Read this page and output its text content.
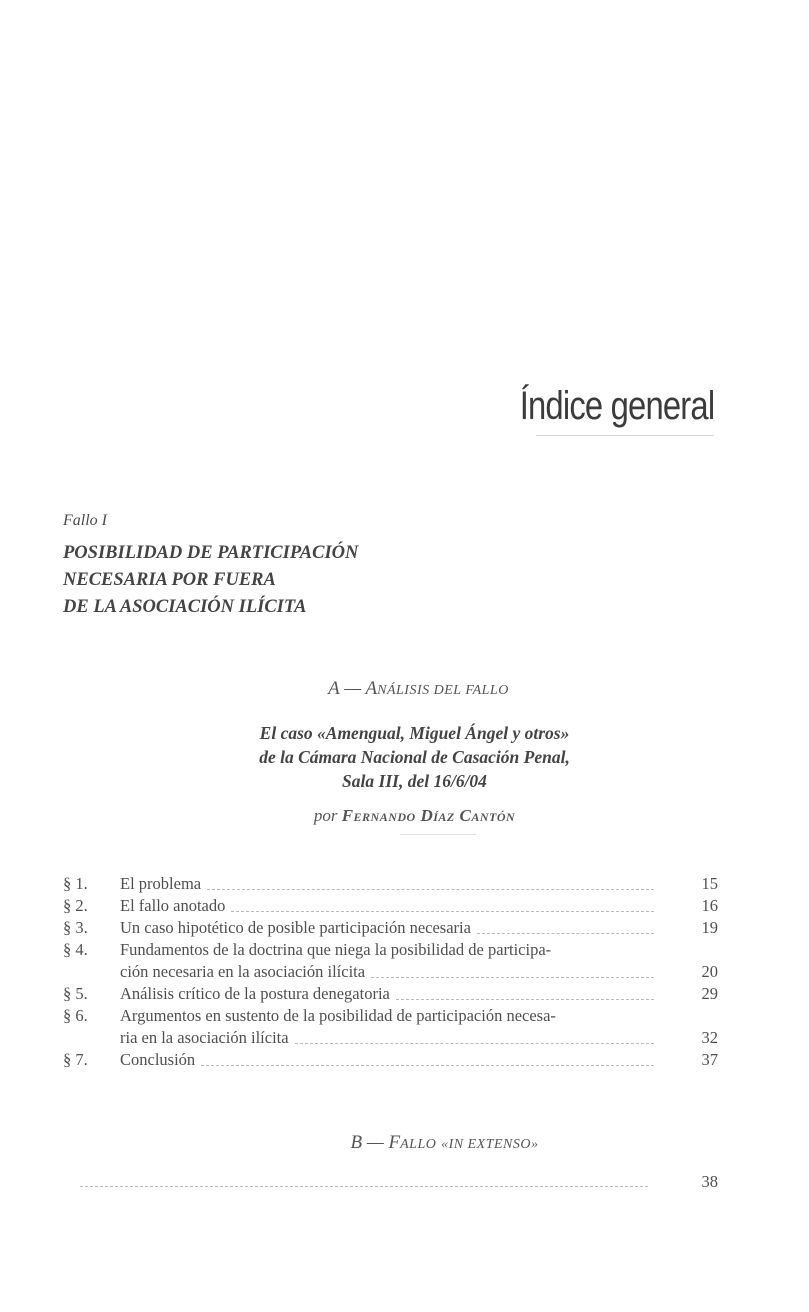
Índice general

Fallo I

POSIBILIDAD DE PARTICIPACIÓN
NECESARIA POR FUERA
DE LA ASOCIACIÓN ILÍCITA

A — ANÁLISIS DEL FALLO
El caso «Amengual, Miguel Ángel y otros»
de la Cámara Nacional de Casación Penal,
Sala III, del 16/6/04
por Fernando Díaz Cantón
§ 1.	El problema	15
§ 2.	El fallo anotado	16
§ 3.	Un caso hipotético de posible participación necesaria	19
§ 4.	Fundamentos de la doctrina que niega la posibilidad de participa-
ción necesaria en la asociación ilícita	20
§ 5.	Análisis crítico de la postura denegatoria	29
§ 6.	Argumentos en sustento de la posibilidad de participación necesa-
ria en la asociación ilícita	32
§ 7.	Conclusión	37
B — FALLO «IN EXTENSO»
38
